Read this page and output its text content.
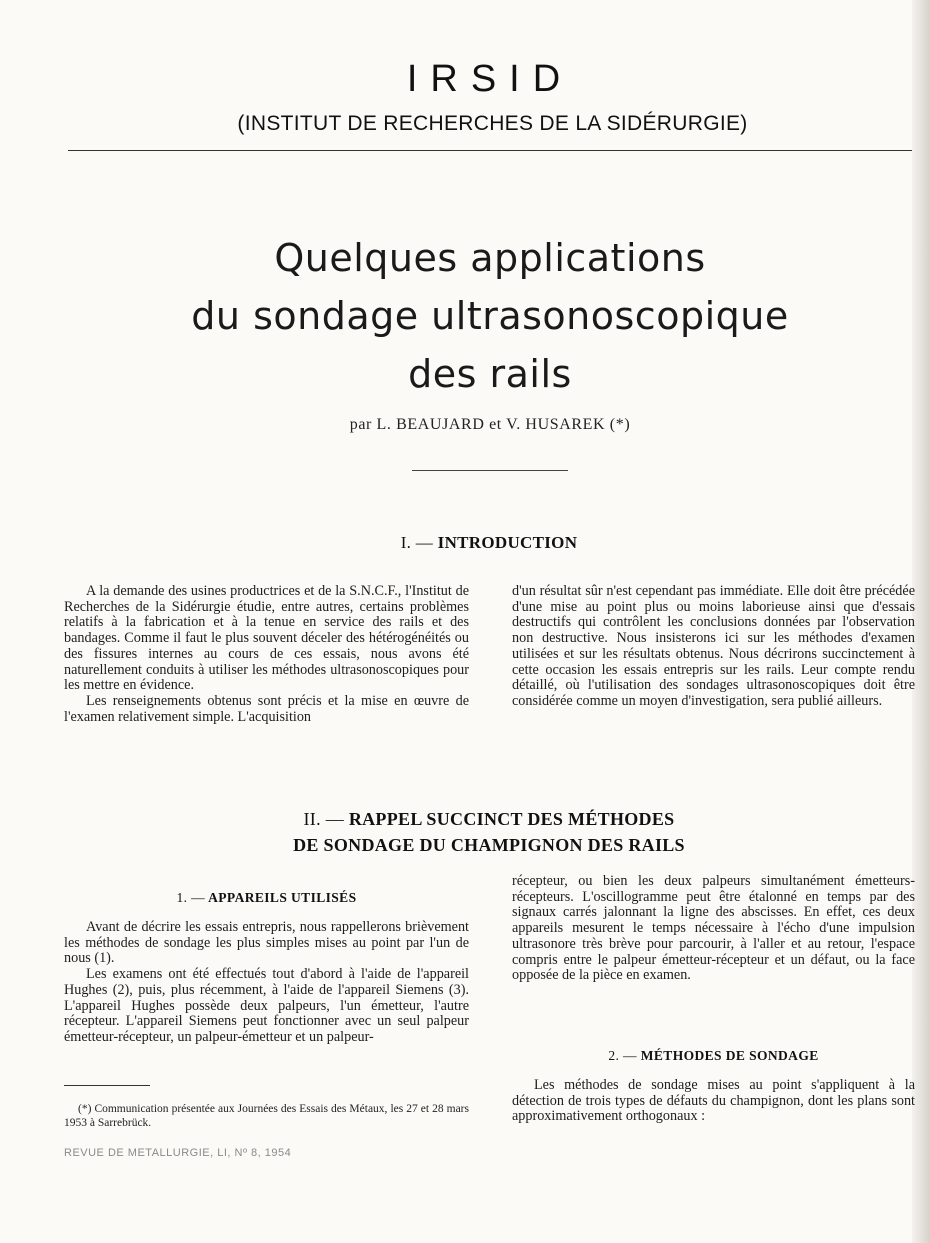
IRSID
(INSTITUT DE RECHERCHES DE LA SIDÉRURGIE)
Quelques applications
du sondage ultrasonoscopique
des rails
par L. BEAUJARD et V. HUSAREK (*)
I. — INTRODUCTION

A la demande des usines productrices et de la S.N.C.F., l'Institut de Recherches de la Sidérurgie étudie, entre autres, certains problèmes relatifs à la fabrication et à la tenue en service des rails et des bandages. Comme il faut le plus souvent déceler des hétérogénéités ou des fissures internes au cours de ces essais, nous avons été naturellement conduits à utiliser les méthodes ultrasonoscopiques pour les mettre en évidence.

Les renseignements obtenus sont précis et la mise en œuvre de l'examen relativement simple. L'acquisition

d'un résultat sûr n'est cependant pas immédiate. Elle doit être précédée d'une mise au point plus ou moins laborieuse ainsi que d'essais destructifs qui contrôlent les conclusions données par l'observation non destructive. Nous insisterons ici sur les méthodes d'examen utilisées et sur les résultats obtenus. Nous décrirons succinctement à cette occasion les essais entrepris sur les rails. Leur compte rendu détaillé, où l'utilisation des sondages ultrasonoscopiques doit être considérée comme un moyen d'investigation, sera publié ailleurs.

II. — RAPPEL SUCCINCT DES MÉTHODES
DE SONDAGE DU CHAMPIGNON DES RAILS
1. — APPAREILS UTILISÉS

Avant de décrire les essais entrepris, nous rappellerons brièvement les méthodes de sondage les plus simples mises au point par l'un de nous (1).

Les examens ont été effectués tout d'abord à l'aide de l'appareil Hughes (2), puis, plus récemment, à l'aide de l'appareil Siemens (3). L'appareil Hughes possède deux palpeurs, l'un émetteur, l'autre récepteur. L'appareil Siemens peut fonctionner avec un seul palpeur émetteur-récepteur, un palpeur-émetteur et un palpeur-

récepteur, ou bien les deux palpeurs simultanément émetteurs-récepteurs. L'oscillogramme peut être étalonné en temps par des signaux carrés jalonnant la ligne des abscisses. En effet, ces deux appareils mesurent le temps nécessaire à l'écho d'une impulsion ultrasonore très brève pour parcourir, à l'aller et au retour, l'espace compris entre le palpeur émetteur-récepteur et un défaut, ou la face opposée de la pièce en examen.

2. — MÉTHODES DE SONDAGE

Les méthodes de sondage mises au point s'appliquent à la détection de trois types de défauts du champignon, dont les plans sont approximativement orthogonaux :

(*) Communication présentée aux Journées des Essais des Métaux, les 27 et 28 mars 1953 à Sarrebrück.
REVUE DE METALLURGIE, LI, Nº 8, 1954
